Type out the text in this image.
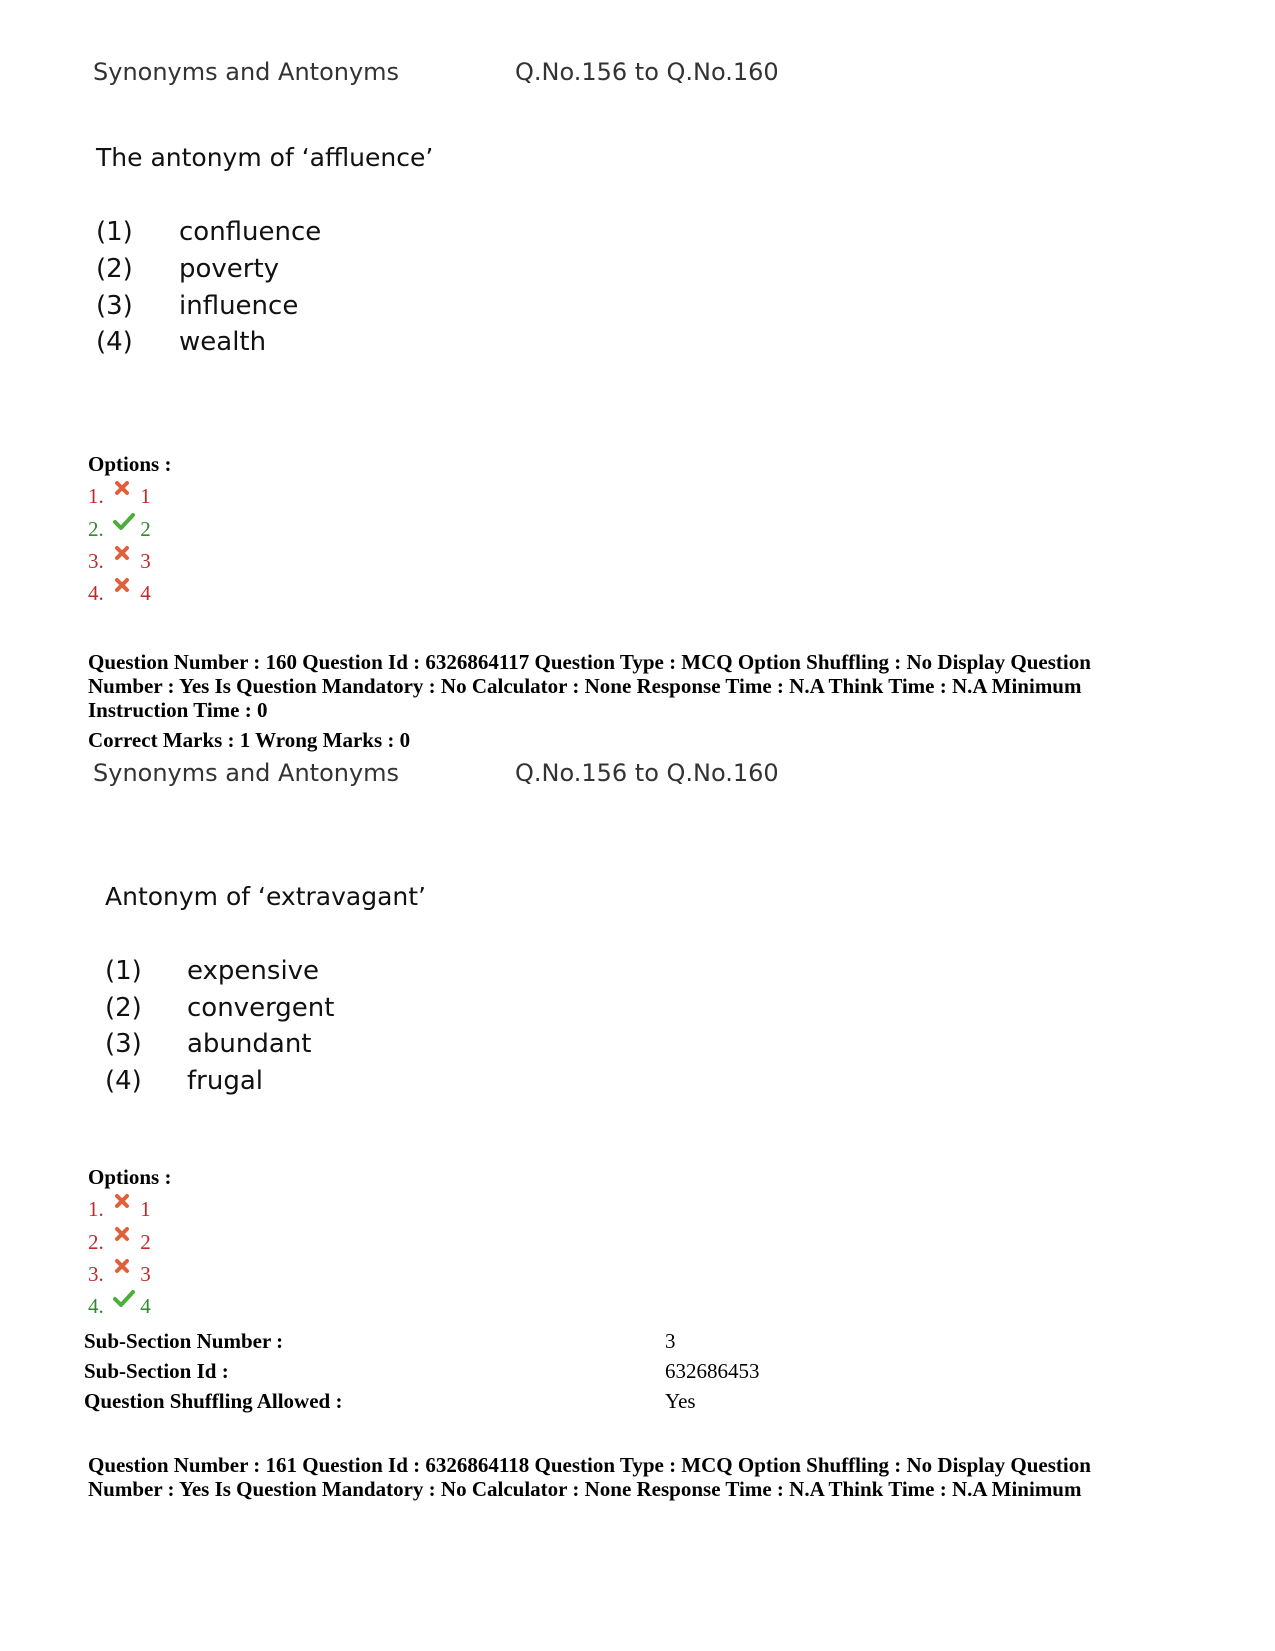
Synonyms and Antonyms	Q.No.156 to Q.No.160
The antonym of ‘affluence’
(1) confluence
(2) poverty
(3) influence
(4) wealth
Options :
1. 1
2. 2
3. 3
4. 4
Question Number : 160 Question Id : 6326864117 Question Type : MCQ Option Shuffling : No Display Question
Number : Yes Is Question Mandatory : No Calculator : None Response Time : N.A Think Time : N.A Minimum
Instruction Time : 0
Correct Marks : 1 Wrong Marks : 0
Synonyms and Antonyms	Q.No.156 to Q.No.160
Antonym of ‘extravagant’
(1) expensive
(2) convergent
(3) abundant
(4) frugal
Options :
1. 1
2. 2
3. 3
4. 4
Sub-Section Number :	3
Sub-Section Id :	632686453
Question Shuffling Allowed :	Yes
Question Number : 161 Question Id : 6326864118 Question Type : MCQ Option Shuffling : No Display Question
Number : Yes Is Question Mandatory : No Calculator : None Response Time : N.A Think Time : N.A Minimum
